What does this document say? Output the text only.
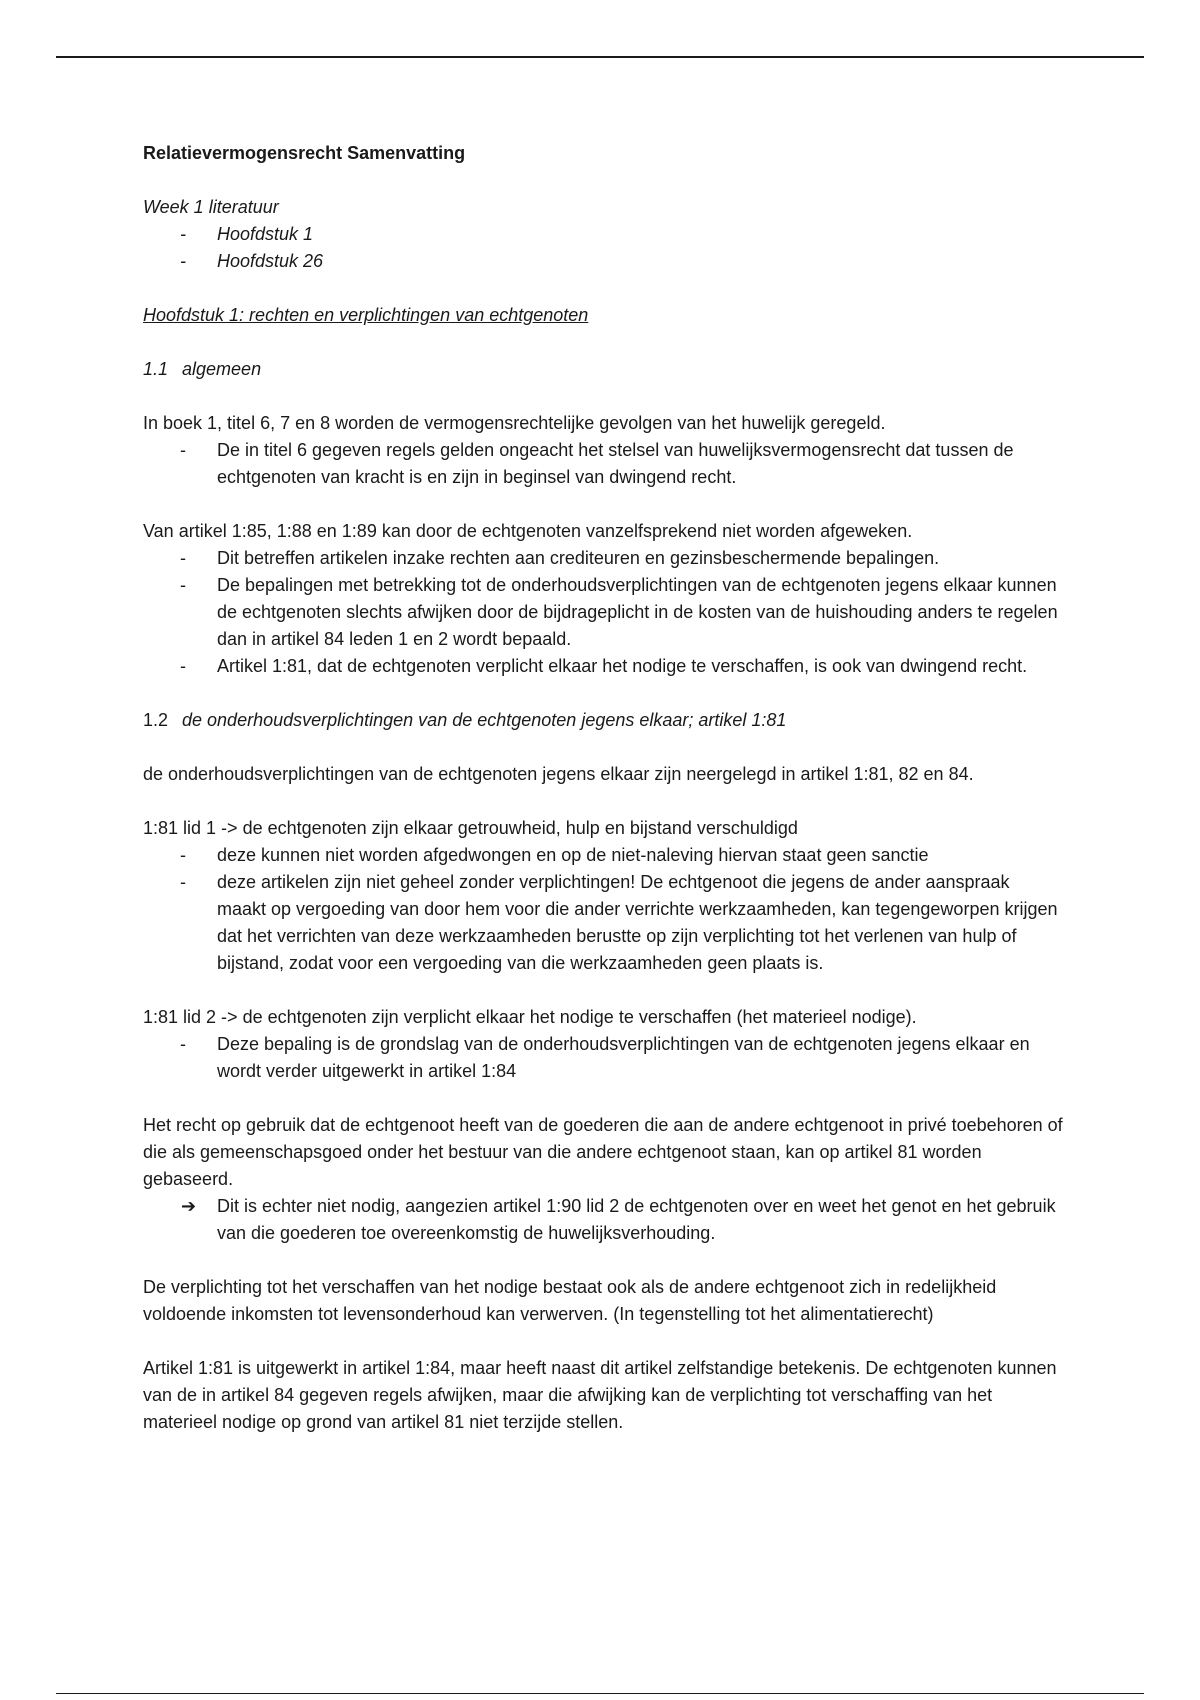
Relatievermogensrecht Samenvatting

Week 1 literatuur

- Hoofdstuk 1
- Hoofdstuk 26

Hoofdstuk 1: rechten en verplichtingen van echtgenoten

1.1 algemeen

In boek 1, titel 6, 7 en 8 worden de vermogensrechtelijke gevolgen van het huwelijk geregeld.

- De in titel 6 gegeven regels gelden ongeacht het stelsel van huwelijksvermogensrecht dat tussen de echtgenoten van kracht is en zijn in beginsel van dwingend recht.

Van artikel 1:85, 1:88 en 1:89 kan door de echtgenoten vanzelfsprekend niet worden afgeweken.

- Dit betreffen artikelen inzake rechten aan crediteuren en gezinsbeschermende bepalingen.
- De bepalingen met betrekking tot de onderhoudsverplichtingen van de echtgenoten jegens elkaar kunnen de echtgenoten slechts afwijken door de bijdrageplicht in de kosten van de huishouding anders te regelen dan in artikel 84 leden 1 en 2 wordt bepaald.
- Artikel 1:81, dat de echtgenoten verplicht elkaar het nodige te verschaffen, is ook van dwingend recht.

1.2 de onderhoudsverplichtingen van de echtgenoten jegens elkaar; artikel 1:81

de onderhoudsverplichtingen van de echtgenoten jegens elkaar zijn neergelegd in artikel 1:81, 82 en 84.

1:81 lid 1 -> de echtgenoten zijn elkaar getrouwheid, hulp en bijstand verschuldigd

- deze kunnen niet worden afgedwongen en op de niet-naleving hiervan staat geen sanctie
- deze artikelen zijn niet geheel zonder verplichtingen! De echtgenoot die jegens de ander aanspraak maakt op vergoeding van door hem voor die ander verrichte werkzaamheden, kan tegengeworpen krijgen dat het verrichten van deze werkzaamheden berustte op zijn verplichting tot het verlenen van hulp of bijstand, zodat voor een vergoeding van die werkzaamheden geen plaats is.

1:81 lid 2 -> de echtgenoten zijn verplicht elkaar het nodige te verschaffen (het materieel nodige).

- Deze bepaling is de grondslag van de onderhoudsverplichtingen van de echtgenoten jegens elkaar en wordt verder uitgewerkt in artikel 1:84

Het recht op gebruik dat de echtgenoot heeft van de goederen die aan de andere echtgenoot in privé toebehoren of die als gemeenschapsgoed onder het bestuur van die andere echtgenoot staan, kan op artikel 81 worden gebaseerd.

➔ Dit is echter niet nodig, aangezien artikel 1:90 lid 2 de echtgenoten over en weet het genot en het gebruik van die goederen toe overeenkomstig de huwelijksverhouding.

De verplichting tot het verschaffen van het nodige bestaat ook als de andere echtgenoot zich in redelijkheid voldoende inkomsten tot levensonderhoud kan verwerven. (In tegenstelling tot het alimentatierecht)

Artikel 1:81 is uitgewerkt in artikel 1:84, maar heeft naast dit artikel zelfstandige betekenis. De echtgenoten kunnen van de in artikel 84 gegeven regels afwijken, maar die afwijking kan de verplichting tot verschaffing van het materieel nodige op grond van artikel 81 niet terzijde stellen.
